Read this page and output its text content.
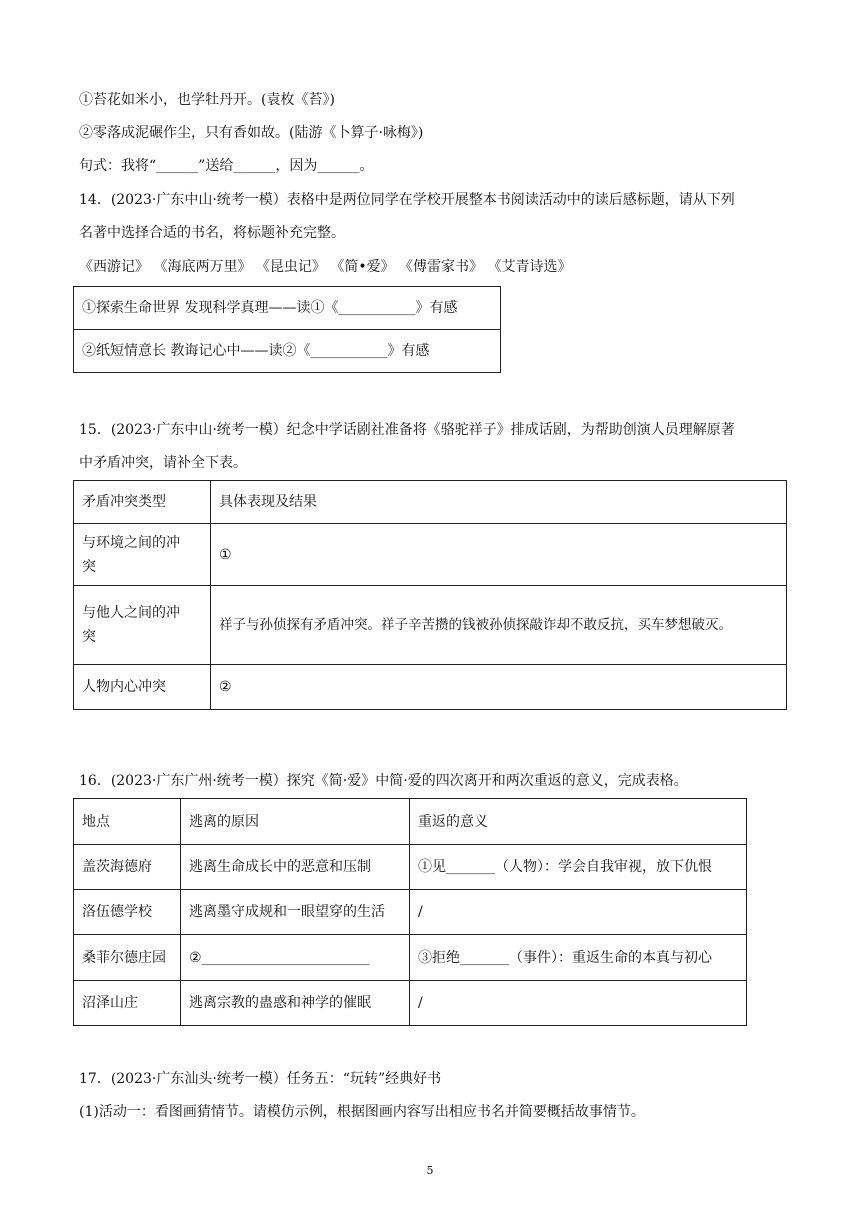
①苔花如米小，也学牡丹开。(袁枚《苔》)
②零落成泥碾作尘，只有香如故。(陆游《卜算子·咏梅》)
句式：我将“______”送给______，因为______。
14．(2023·广东中山·统考一模）表格中是两位同学在学校开展整本书阅读活动中的读后感标题，请从下列
名著中选择合适的书名，将标题补充完整。
《西游记》 《海底两万里》 《昆虫记》 《简•爱》 《傅雷家书》 《艾青诗选》
①探索生命世界 发现科学真理——读①《___________》有感
②纸短情意长 教诲记心中——读②《___________》有感
15．(2023·广东中山·统考一模）纪念中学话剧社准备将《骆驼祥子》排成话剧，为帮助创演人员理解原著
中矛盾冲突，请补全下表。
矛盾冲突类型	具体表现及结果
与环境之间的冲
突	①
与他人之间的冲
突	祥子与孙侦探有矛盾冲突。祥子辛苦攒的钱被孙侦探敲诈却不敢反抗，买车梦想破灭。
人物内心冲突	②
16．(2023·广东广州·统考一模）探究《简·爱》中简·爱的四次离开和两次重返的意义，完成表格。
地点	逃离的原因	重返的意义
盖茨海德府	逃离生命成长中的恶意和压制	①见_______（人物）：学会自我审视，放下仇恨
洛伍德学校	逃离墨守成规和一眼望穿的生活	/
桑菲尔德庄园	②________________________	③拒绝_______（事件）：重返生命的本真与初心
沼泽山庄	逃离宗教的蛊惑和神学的催眠	/
17．(2023·广东汕头·统考一模）任务五：“玩转”经典好书
(1)活动一：看图画猜情节。请模仿示例，根据图画内容写出相应书名并简要概括故事情节。
5
